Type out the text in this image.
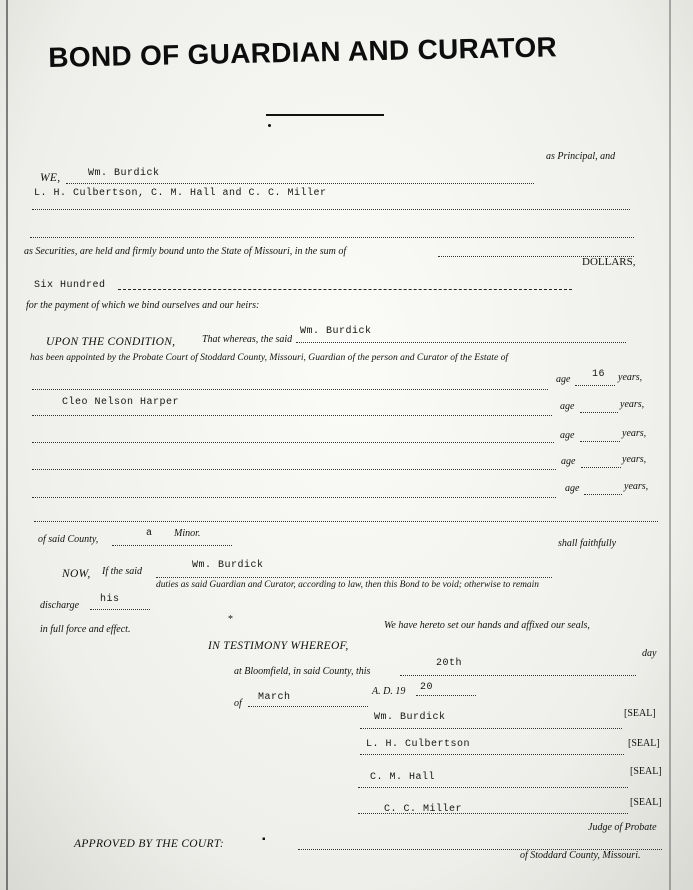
BOND OF GUARDIAN AND CURATOR
WE,	Wm. Burdick
as Principal, and
L. H. Culbertson, C. M. Hall and C. C. Miller
as Securities, are held and firmly bound unto the State of Missouri, in the sum of
Six Hundred
DOLLARS,
for the payment of which we bind ourselves and our heirs:
UPON THE CONDITION,	That whereas, the said
Wm. Burdick
has been appointed by the Probate Court of Stoddard County, Missouri, Guardian of the person and Curator of the Estate of
age 16 years,
Cleo Nelson Harper	age	years,
age	years,
age	years,
age	years,
of said County,
a Minor.
NOW, If the said
Wm. Burdick
shall faithfully
discharge
his
duties as said Guardian and Curator, according to law, then this Bond to be void; otherwise to remain
in full force and effect.
*
IN TESTIMONY WHEREOF,
We have hereto set our hands and affixed our seals,
at Bloomfield, in said County, this
20th
day
of
March
A. D. 19 20
Wm. Burdick	[SEAL]
L. H. Culbertson	[SEAL]
C. M. Hall
[SEAL]
C. C. Miller
[SEAL]
APPROVED BY THE COURT:
Judge of Probate
of Stoddard County, Missouri.
▪
